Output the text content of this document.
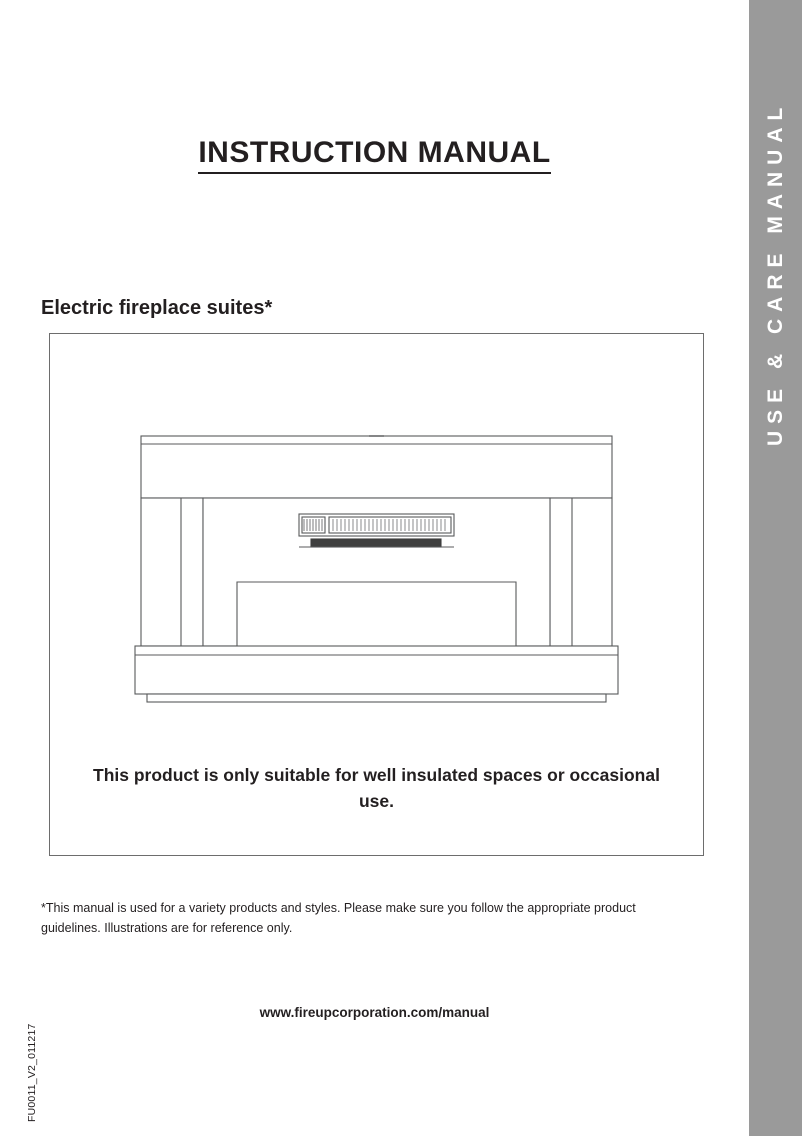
INSTRUCTION MANUAL
Electric fireplace suites*
This product is only suitable for well insulated spaces or occasional use.
*This manual is used for a variety products and styles. Please make sure you follow the appropriate product guidelines. Illustrations are for reference only.
www.fireupcorporation.com/manual
FU0011_V2_011217
USE & CARE MANUAL
